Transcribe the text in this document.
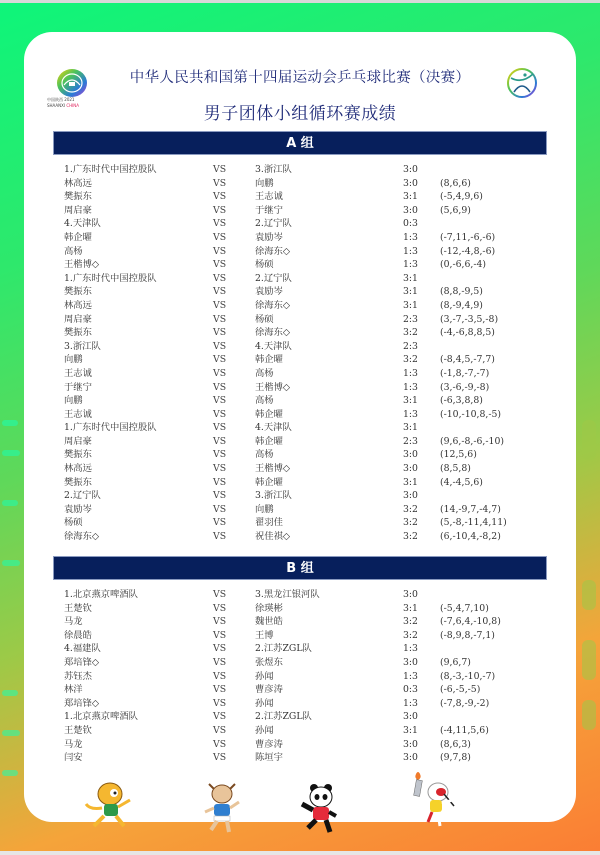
中国陕西 2021
SHAANXI CHINA
中华人民共和国第十四届运动会乒乓球比赛（决赛）
男子团体小组循环赛成绩
A 组
1.广东时代中国控股队	VS	3.浙江队	3:0
林高远	VS	向鹏	3:0 (8,6,6)
樊振东	VS	王志诚	3:1 (-5,4,9,6)
周启豪	VS	于继宁	3:0 (5,6,9)
4.天津队	VS	2.辽宁队	0:3
韩企曜	VS	袁励岑	1:3 (-7,11,-6,-6)
高杨	VS	徐海东◇	1:3 (-12,-4,8,-6)
王楷博◇	VS	杨硕	1:3 (0,-6,6,-4)
1.广东时代中国控股队	VS	2.辽宁队	3:1
樊振东	VS	袁励岑	3:1 (8,8,-9,5)
林高远	VS	徐海东◇	3:1 (8,-9,4,9)
周启豪	VS	杨硕	2:3 (3,-7,-3,5,-8)
樊振东	VS	徐海东◇	3:2 (-4,-6,8,8,5)
3.浙江队	VS	4.天津队	2:3
向鹏	VS	韩企曜	3:2 (-8,4,5,-7,7)
王志诚	VS	高杨	1:3 (-1,8,-7,-7)
于继宁	VS	王楷博◇	1:3 (3,-6,-9,-8)
向鹏	VS	高杨	3:1 (-6,3,8,8)
王志诚	VS	韩企曜	1:3 (-10,-10,8,-5)
1.广东时代中国控股队	VS	4.天津队	3:1
周启豪	VS	韩企曜	2:3 (9,6,-8,-6,-10)
樊振东	VS	高杨	3:0 (12,5,6)
林高远	VS	王楷博◇	3:0 (8,5,8)
樊振东	VS	韩企曜	3:1 (4,-4,5,6)
2.辽宁队	VS	3.浙江队	3:0
袁励岑	VS	向鹏	3:2 (14,-9,7,-4,7)
杨硕	VS	翟羽佳	3:2 (5,-8,-11,4,11)
徐海东◇	VS	祝佳祺◇	3:2 (6,-10,4,-8,2)
B 组
1.北京燕京啤酒队	VS	3.黑龙江银河队	3:0
王楚钦	VS	徐瑛彬	3:1 (-5,4,7,10)
马龙	VS	魏世皓	3:2 (-7,6,4,-10,8)
徐晨皓	VS	王博	3:2 (-8,9,8,-7,1)
4.福建队	VS	2.江苏ZGL队	1:3
郑培锋◇	VS	张煜东	3:0 (9,6,7)
苏钰杰	VS	孙闻	1:3 (8,-3,-10,-7)
林洋	VS	曹彦涛	0:3 (-6,-5,-5)
郑培锋◇	VS	孙闻	1:3 (-7,8,-9,-2)
1.北京燕京啤酒队	VS	2.江苏ZGL队	3:0
王楚钦	VS	孙闻	3:1 (-4,11,5,6)
马龙	VS	曹彦涛	3:0 (8,6,3)
闫安	VS	陈垣宇	3:0 (9,7,8)
